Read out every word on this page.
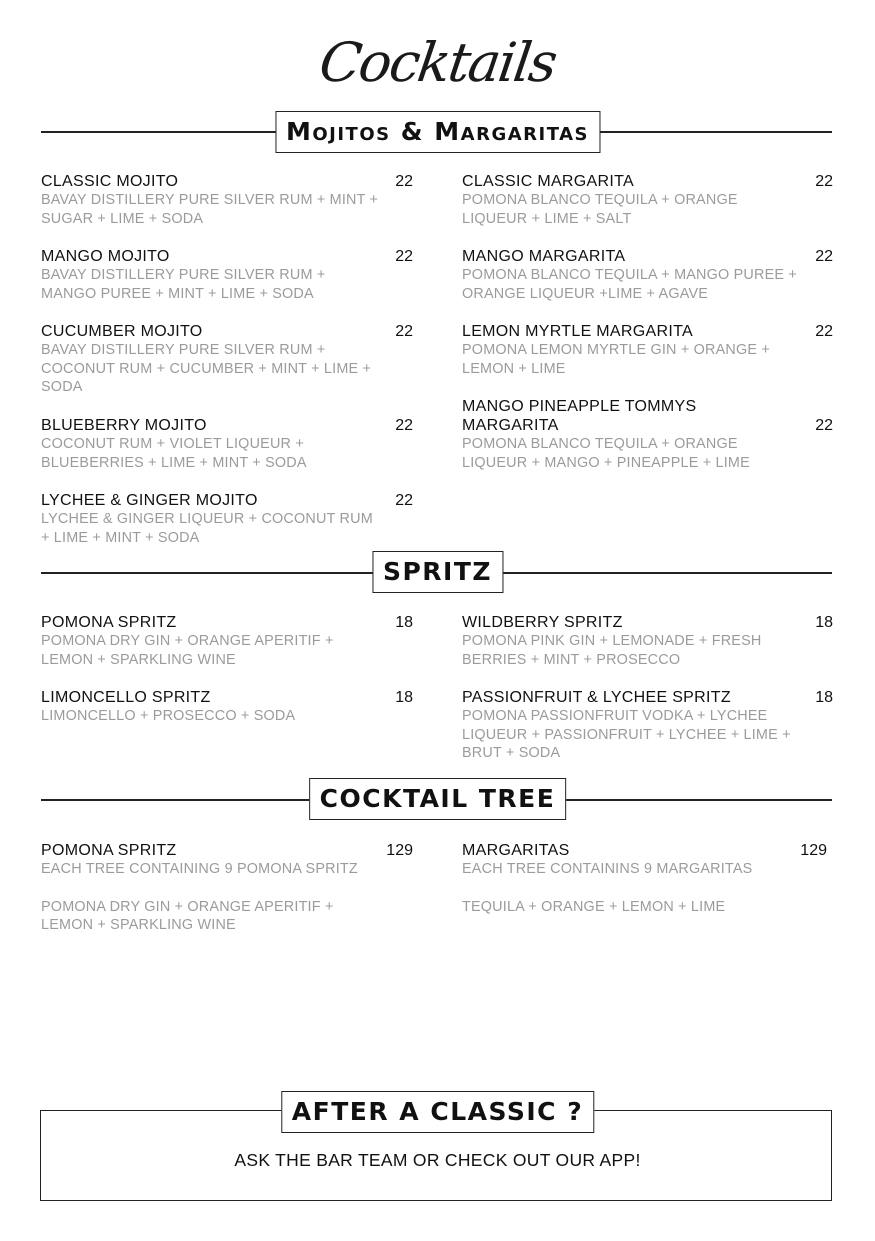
Cocktails
Mojitos & Margaritas
22
CLASSIC MOJITO
BAVAY DISTILLERY PURE SILVER RUM + MINT + SUGAR + LIME + SODA
22
MANGO MOJITO
BAVAY DISTILLERY PURE SILVER RUM + MANGO PUREE + MINT + LIME + SODA
22
CUCUMBER MOJITO
BAVAY DISTILLERY PURE SILVER RUM + COCONUT RUM + CUCUMBER + MINT + LIME + SODA
22
BLUEBERRY MOJITO
COCONUT RUM + VIOLET LIQUEUR + BLUEBERRIES + LIME + MINT + SODA
22
LYCHEE & GINGER MOJITO
LYCHEE & GINGER LIQUEUR + COCONUT RUM + LIME + MINT + SODA
22
CLASSIC MARGARITA
POMONA BLANCO TEQUILA + ORANGE LIQUEUR + LIME + SALT
22
MANGO MARGARITA
POMONA BLANCO TEQUILA + MANGO PUREE + ORANGE LIQUEUR +LIME + AGAVE
22
LEMON MYRTLE MARGARITA
POMONA LEMON MYRTLE GIN + ORANGE + LEMON + LIME
22
MANGO PINEAPPLE TOMMYS MARGARITA
POMONA BLANCO TEQUILA + ORANGE LIQUEUR + MANGO + PINEAPPLE + LIME
SPRITZ
18
POMONA SPRITZ
POMONA DRY GIN + ORANGE APERITIF + LEMON + SPARKLING WINE
18
LIMONCELLO SPRITZ
LIMONCELLO + PROSECCO + SODA
18
WILDBERRY SPRITZ
POMONA PINK GIN + LEMONADE + FRESH BERRIES + MINT + PROSECCO
18
PASSIONFRUIT & LYCHEE SPRITZ
POMONA PASSIONFRUIT VODKA + LYCHEE LIQUEUR + PASSIONFRUIT + LYCHEE + LIME + BRUT + SODA
COCKTAIL TREE
129
POMONA SPRITZ
EACH TREE CONTAINING 9 POMONA SPRITZ
POMONA DRY GIN + ORANGE APERITIF + LEMON + SPARKLING WINE
129
MARGARITAS
EACH TREE CONTAININS 9 MARGARITAS
TEQUILA + ORANGE + LEMON + LIME
AFTER A CLASSIC ?
ASK THE BAR TEAM OR CHECK OUT OUR APP!
